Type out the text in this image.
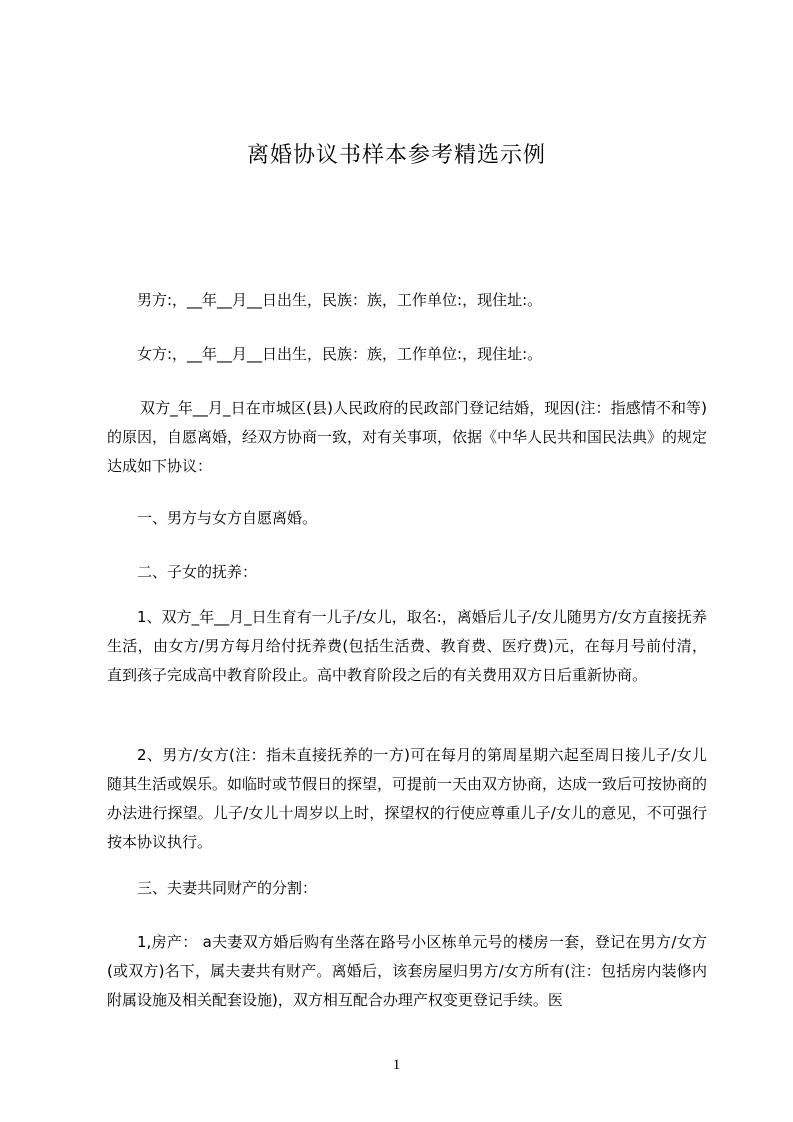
离婚协议书样本参考精选示例

男方:，__年__月__日出生，民族：族，工作单位:，现住址:。

女方:，__年__月__日出生，民族：族，工作单位:，现住址:。

双方_年__月_日在市城区(县)人民政府的民政部门登记结婚，现因(注：指感情不和等)的原因，自愿离婚，经双方协商一致，对有关事项，依据《中华人民共和国民法典》的规定达成如下协议：

一、男方与女方自愿离婚。

二、子女的抚养：

1、双方_年__月_日生育有一儿子/女儿，取名:，离婚后儿子/女儿随男方/女方直接抚养生活，由女方/男方每月给付抚养费(包括生活费、教育费、医疗费)元，在每月号前付清，直到孩子完成高中教育阶段止。高中教育阶段之后的有关费用双方日后重新协商。

2、男方/女方(注：指未直接抚养的一方)可在每月的第周星期六起至周日接儿子/女儿随其生活或娱乐。如临时或节假日的探望，可提前一天由双方协商，达成一致后可按协商的办法进行探望。儿子/女儿十周岁以上时，探望权的行使应尊重儿子/女儿的意见，不可强行按本协议执行。

三、夫妻共同财产的分割：

1,房产： a夫妻双方婚后购有坐落在路号小区栋单元号的楼房一套，登记在男方/女方(或双方)名下，属夫妻共有财产。离婚后，该套房屋归男方/女方所有(注：包括房内装修内附属设施及相关配套设施)，双方相互配合办理产权变更登记手续。医

1
